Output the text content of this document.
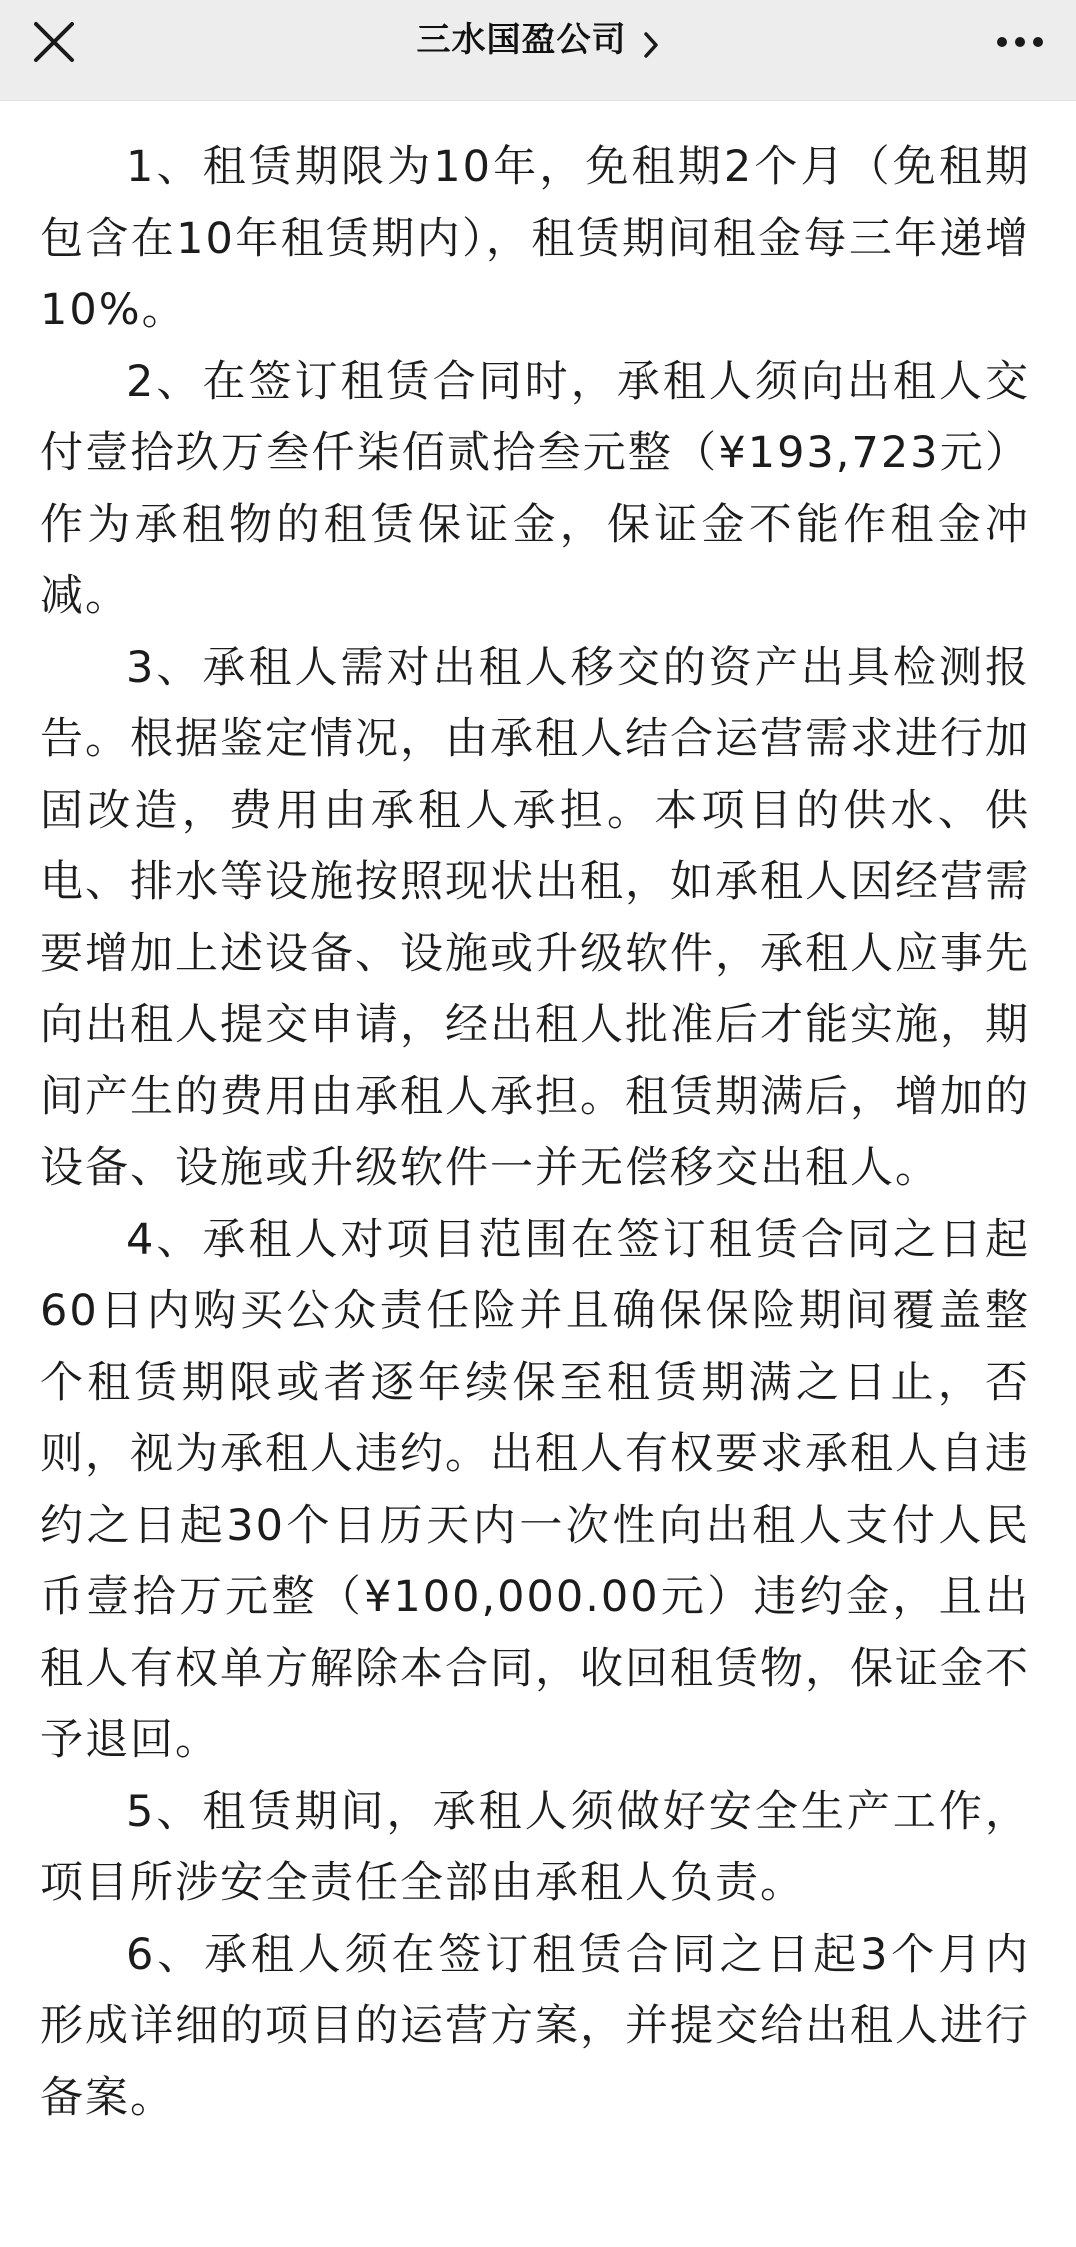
三水国盈公司

1、租赁期限为10年，免租期2个月（免租期包含在10年租赁期内），租赁期间租金每三年递增10%。

2、在签订租赁合同时，承租人须向出租人交付壹拾玖万叁仟柒佰贰拾叁元整（¥193,723元）作为承租物的租赁保证金，保证金不能作租金冲减。

3、承租人需对出租人移交的资产出具检测报告。根据鉴定情况，由承租人结合运营需求进行加固改造，费用由承租人承担。本项目的供水、供电、排水等设施按照现状出租，如承租人因经营需要增加上述设备、设施或升级软件，承租人应事先向出租人提交申请，经出租人批准后才能实施，期间产生的费用由承租人承担。租赁期满后，增加的设备、设施或升级软件一并无偿移交出租人。

4、承租人对项目范围在签订租赁合同之日起60日内购买公众责任险并且确保保险期间覆盖整个租赁期限或者逐年续保至租赁期满之日止，否则，视为承租人违约。出租人有权要求承租人自违约之日起30个日历天内一次性向出租人支付人民币壹拾万元整（¥100,000.00元）违约金，且出租人有权单方解除本合同，收回租赁物，保证金不予退回。

5、租赁期间，承租人须做好安全生产工作，项目所涉安全责任全部由承租人负责。

6、承租人须在签订租赁合同之日起3个月内形成详细的项目的运营方案，并提交给出租人进行备案。
